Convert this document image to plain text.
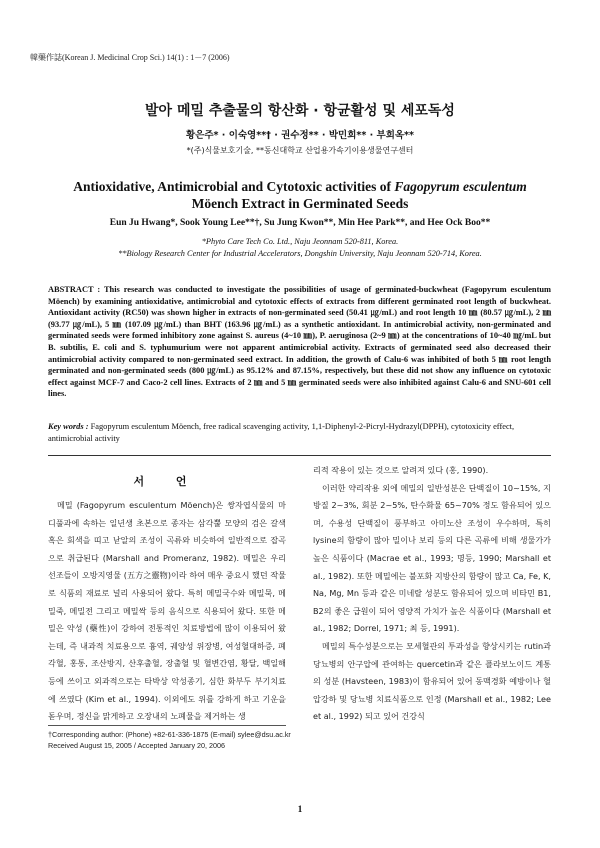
韓藥作誌(Korean J. Medicinal Crop Sci.) 14(1) : 1－7 (2006)
발아 메밀 추출물의 항산화 · 항균활성 및 세포독성
황은주* · 이숙영**† · 권수정** · 박민희** · 부희옥**
*(주)식물보호기술, **동신대학교 산업용가속기이용생물연구센터
Antioxidative, Antimicrobial and Cytotoxic activities of Fagopyrum esculentum
Möench Extract in Germinated Seeds
Eun Ju Hwang*, Sook Young Lee**†, Su Jung Kwon**, Min Hee Park**, and Hee Ock Boo**
*Phyto Care Tech Co. Ltd., Naju Jeonnam 520-811, Korea.
**Biology Research Center for Industrial Accelerators, Dongshin University, Naju Jeonnam 520-714, Korea.
ABSTRACT : This research was conducted to investigate the possibilities of usage of germinated-buckwheat (Fagopyrum esculentum Möench) by examining antioxidative, antimicrobial and cytotoxic effects of extracts from different germinated root length of buckwheat. Antioxidant activity (RC50) was shown higher in extracts of non-germinated seed (50.41 ㎍/mL) and root length 10 ㎜ (80.57 ㎍/mL), 2 ㎜ (93.77 ㎍/mL), 5 ㎜ (107.09 ㎍/mL) than BHT (163.96 ㎍/mL) as a synthetic antioxidant. In antimicrobial activity, non-germinated and germinated seeds were formed inhibitory zone against S. aureus (4~10 ㎜), P. aeruginosa (2~9 ㎜) at the concentrations of 10~40 ㎎/mL but B. subtilis, E. coli and S. typhumurium were not apparent antimicrobial activity. Extracts of germinated seed also decreased their antimicrobial activity compared to non-germinated seed extract. In addition, the growth of Calu-6 was inhibited of both 5 ㎜ root length germinated and non-germinated seeds (800 ㎍/mL) as 95.12% and 87.15%, respectively, but these did not show any influence on cytotoxic effect against MCF-7 and Caco-2 cell lines. Extracts of 2 ㎜ and 5 ㎜ germinated seeds were also inhibited against Calu-6 and SNU-601 cell lines.
Key words : Fagopyrum esculentum Möench, free radical scavenging activity, 1,1-Diphenyl-2-Picryl-Hydrazyl(DPPH), cytotoxicity effect, antimicrobial activity
서 언

메밀 (Fagopyrum esculentum Möench)은 쌍자엽식물의 마디풀과에 속하는 일년생 초본으로 종자는 삼각뿔 모양의 검은 갈색 혹은 회색을 띠고 낟알의 조성이 곡류와 비슷하여 일반적으로 잡곡으로 취급된다 (Marshall and Promeranz, 1982). 메밀은 우리 선조들이 오방지영물 (五方之靈物)이라 하여 매우 중요시 했던 작물로 식품의 재료로 널리 사용되어 왔다. 특히 메밀국수와 메밀묵, 메밀죽, 메밀전 그리고 메밀싹 등의 음식으로 식용되어 왔다. 또한 메밀은 약성 (藥性)이 강하여 전통적인 치료방법에 많이 이용되어 왔는데, 즉 내과적 치료용으로 흉역, 궤양성 위장병, 여성혈대하증, 폐각혈, 홍통, 조산방지, 산후출혈, 장출혈 및 혈변간염, 황달, 백일해 등에 쓰이고 외과적으로는 타박상 악성종기, 심한 화부두 부기치료에 쓰였다 (Kim et al., 1994). 이외에도 위를 강하게 하고 기운을 돋우며, 정신을 맑게하고 오장내의 노폐물을 제거하는 생

리적 작용이 있는 것으로 알려져 있다 (홍, 1990).

이러한 약리작용 외에 메밀의 일반성분은 단백질이 10~15%, 지방질 2~3%, 회분 2~5%, 탄수화물 65~70% 정도 함유되어 있으며, 수용성 단백질이 풍부하고 아미노산 조성이 우수하며, 특히 lysine의 함량이 많아 밀이나 보리 등의 다른 곡류에 비해 생물가가 높은 식품이다 (Macrae et al., 1993; 명등, 1990; Marshall et al., 1982). 또한 메밀에는 불포화 지방산의 함량이 많고 Ca, Fe, K, Na, Mg, Mn 등과 같은 미네랄 성분도 함유되어 있으며 비타민 B1, B2의 좋은 급원이 되어 영양적 가치가 높은 식품이다 (Marshall et al., 1982; Dorrel, 1971; 최 등, 1991).

메밀의 특수성분으로는 모세혈관의 투과성을 향상시키는 rutin과 당뇨병의 안구압에 관여하는 quercetin과 같은 플라보노이드 계통의 성분 (Havsteen, 1983)이 함유되어 있어 동맥경화 예방이나 혈압강하 및 당뇨병 치료식품으로 인정 (Marshall et al., 1982; Lee et al., 1992) 되고 있어 건강식

†Corresponding author: (Phone) +82-61-336-1875 (E-mail) sylee@dsu.ac.kr
Received August 15, 2005 / Accepted January 20, 2006
1
